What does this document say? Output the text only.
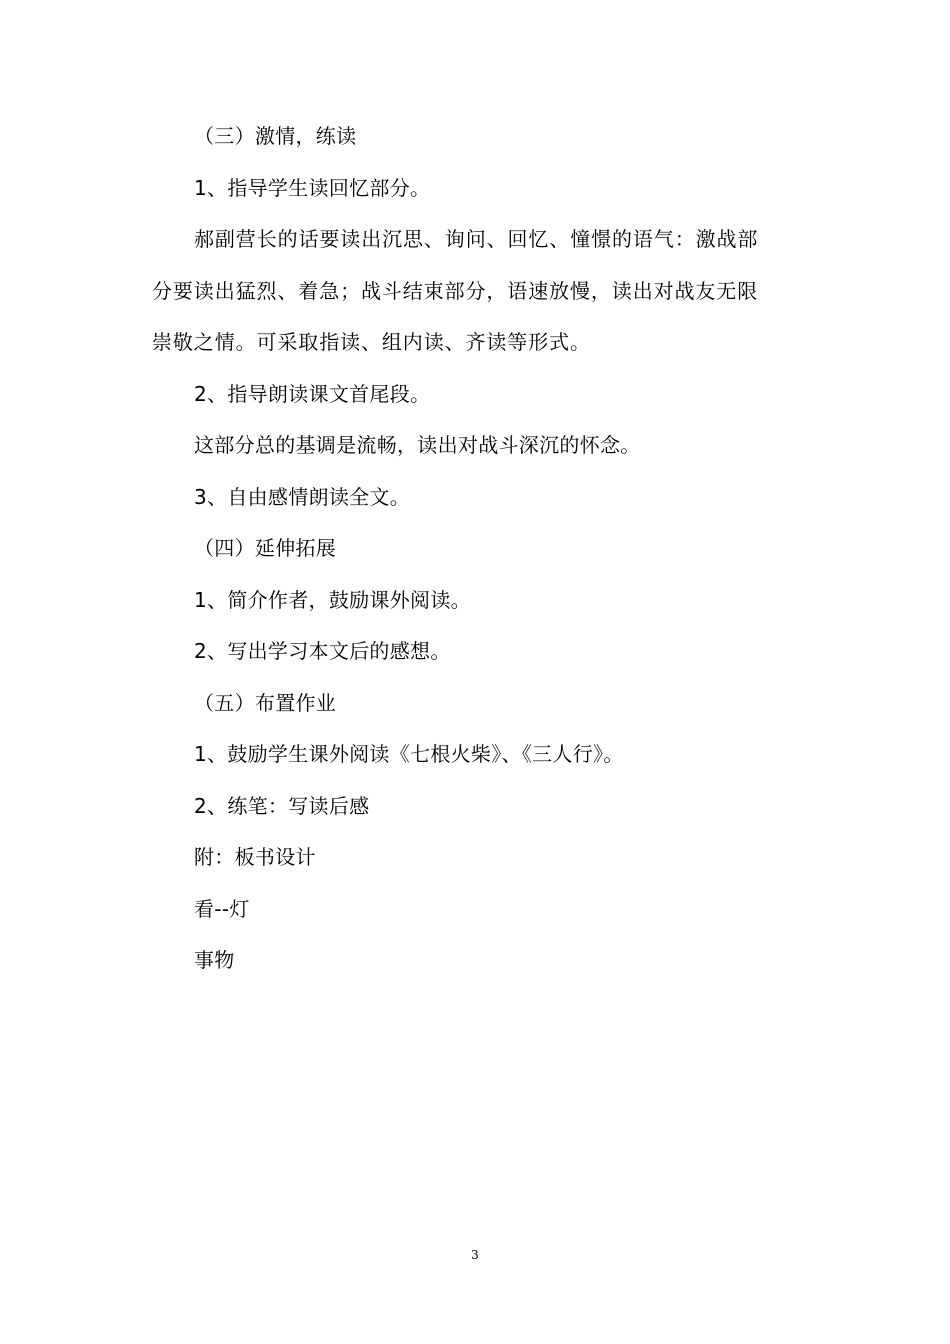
（三）激情，练读
1、指导学生读回忆部分。
郝副营长的话要读出沉思、询问、回忆、憧憬的语气：激战部
分要读出猛烈、着急；战斗结束部分，语速放慢，读出对战友无限
崇敬之情。可采取指读、组内读、齐读等形式。
2、指导朗读课文首尾段。
这部分总的基调是流畅，读出对战斗深沉的怀念。
3、自由感情朗读全文。
（四）延伸拓展
1、简介作者，鼓励课外阅读。
2、写出学习本文后的感想。
（五）布置作业
1、鼓励学生课外阅读《七根火柴》、《三人行》。
2、练笔：写读后感
附：板书设计
看--灯
事物
3
